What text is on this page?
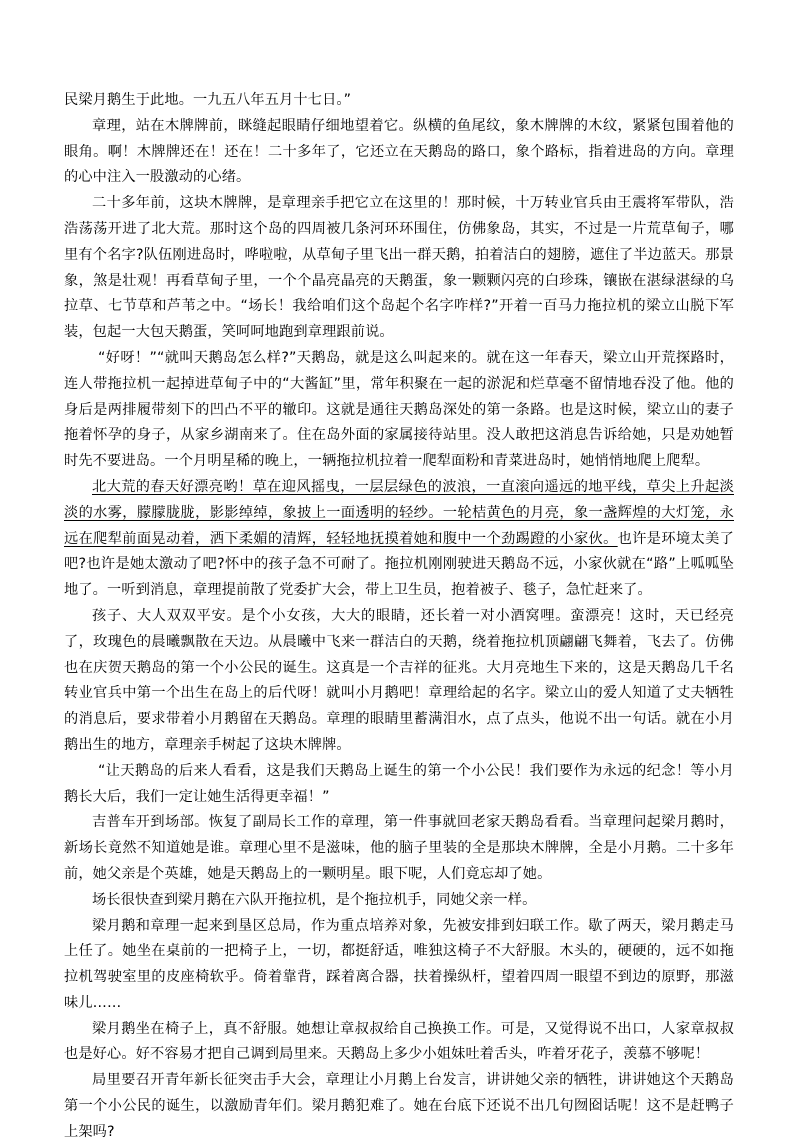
民梁月鹅生于此地。一九五八年五月十七日。”

章理，站在木牌牌前，眯缝起眼睛仔细地望着它。纵横的鱼尾纹，象木牌牌的木纹，紧紧包围着他的眼角。啊！木牌牌还在！还在！二十多年了，它还立在天鹅岛的路口，象个路标，指着进岛的方向。章理的心中注入一股激动的心绪。

二十多年前，这块木牌牌，是章理亲手把它立在这里的！那时候，十万转业官兵由王震将军带队，浩浩荡荡开进了北大荒。那时这个岛的四周被几条河环环围住，仿佛象岛，其实，不过是一片荒草甸子，哪里有个名字?队伍刚进岛时，哗啦啦，从草甸子里飞出一群天鹅，拍着洁白的翅膀，遮住了半边蓝天。那景象，煞是壮观！再看草甸子里，一个个晶亮晶亮的天鹅蛋，象一颗颗闪亮的白珍珠，镶嵌在湛绿湛绿的乌拉草、七节草和芦苇之中。“场长！我给咱们这个岛起个名字咋样?”开着一百马力拖拉机的梁立山脱下军装，包起一大包天鹅蛋，笑呵呵地跑到章理跟前说。

“好呀！”“就叫天鹅岛怎么样?”天鹅岛，就是这么叫起来的。就在这一年春天，梁立山开荒探路时，连人带拖拉机一起掉进草甸子中的“大酱缸”里，常年积聚在一起的淤泥和烂草毫不留情地吞没了他。他的身后是两排履带刻下的凹凸不平的辙印。这就是通往天鹅岛深处的第一条路。也是这时候，梁立山的妻子拖着怀孕的身子，从家乡湖南来了。住在岛外面的家属接待站里。没人敢把这消息告诉给她，只是劝她暂时先不要进岛。一个月明星稀的晚上，一辆拖拉机拉着一爬犁面粉和青菜进岛时，她悄悄地爬上爬犁。

北大荒的春天好漂亮哟！草在迎风摇曳，一层层绿色的波浪，一直滚向遥远的地平线，草尖上升起淡淡的水雾，朦朦胧胧，影影绰绰，象披上一面透明的轻纱。一轮桔黄色的月亮，象一盏辉煌的大灯笼，永远在爬犁前面晃动着，洒下柔媚的清辉，轻轻地抚摸着她和腹中一个劲踢蹬的小家伙。也许是环境太美了吧?也许是她太激动了吧?怀中的孩子急不可耐了。拖拉机刚刚驶进天鹅岛不远，小家伙就在“路”上呱呱坠地了。一听到消息，章理提前散了党委扩大会，带上卫生员，抱着被子、毯子，急忙赶来了。

孩子、大人双双平安。是个小女孩，大大的眼睛，还长着一对小酒窝哩。蛮漂亮！这时，天已经亮了，玫瑰色的晨曦飘散在天边。从晨曦中飞来一群洁白的天鹅，绕着拖拉机顶翩翩飞舞着，飞去了。仿佛也在庆贺天鹅岛的第一个小公民的诞生。这真是一个吉祥的征兆。大月亮地生下来的，这是天鹅岛几千名转业官兵中第一个出生在岛上的后代呀！就叫小月鹅吧！章理给起的名字。梁立山的爱人知道了丈夫牺牲的消息后，要求带着小月鹅留在天鹅岛。章理的眼睛里蓄满泪水，点了点头，他说不出一句话。就在小月鹅出生的地方，章理亲手树起了这块木牌牌。

“让天鹅岛的后来人看看，这是我们天鹅岛上诞生的第一个小公民！我们要作为永远的纪念！等小月鹅长大后，我们一定让她生活得更幸福！”

吉普车开到场部。恢复了副局长工作的章理，第一件事就回老家天鹅岛看看。当章理问起梁月鹅时，新场长竟然不知道她是谁。章理心里不是滋味，他的脑子里装的全是那块木牌牌，全是小月鹅。二十多年前，她父亲是个英雄，她是天鹅岛上的一颗明星。眼下呢，人们竟忘却了她。

场长很快查到梁月鹅在六队开拖拉机，是个拖拉机手，同她父亲一样。

梁月鹅和章理一起来到垦区总局，作为重点培养对象，先被安排到妇联工作。歇了两天，梁月鹅走马上任了。她坐在桌前的一把椅子上，一切，都挺舒适，唯独这椅子不大舒服。木头的，硬硬的，远不如拖拉机驾驶室里的皮座椅软乎。倚着靠背，踩着离合器，扶着操纵杆，望着四周一眼望不到边的原野，那滋味儿……

梁月鹅坐在椅子上，真不舒服。她想让章叔叔给自己换换工作。可是，又觉得说不出口，人家章叔叔也是好心。好不容易才把自己调到局里来。天鹅岛上多少小姐妹吐着舌头，咋着牙花子，羡慕不够呢！

局里要召开青年新长征突击手大会，章理让小月鹅上台发言，讲讲她父亲的牺牲，讲讲她这个天鹅岛第一个小公民的诞生，以激励青年们。梁月鹅犯难了。她在台底下还说不出几句囫囵话呢！这不是赶鸭子上架吗?
